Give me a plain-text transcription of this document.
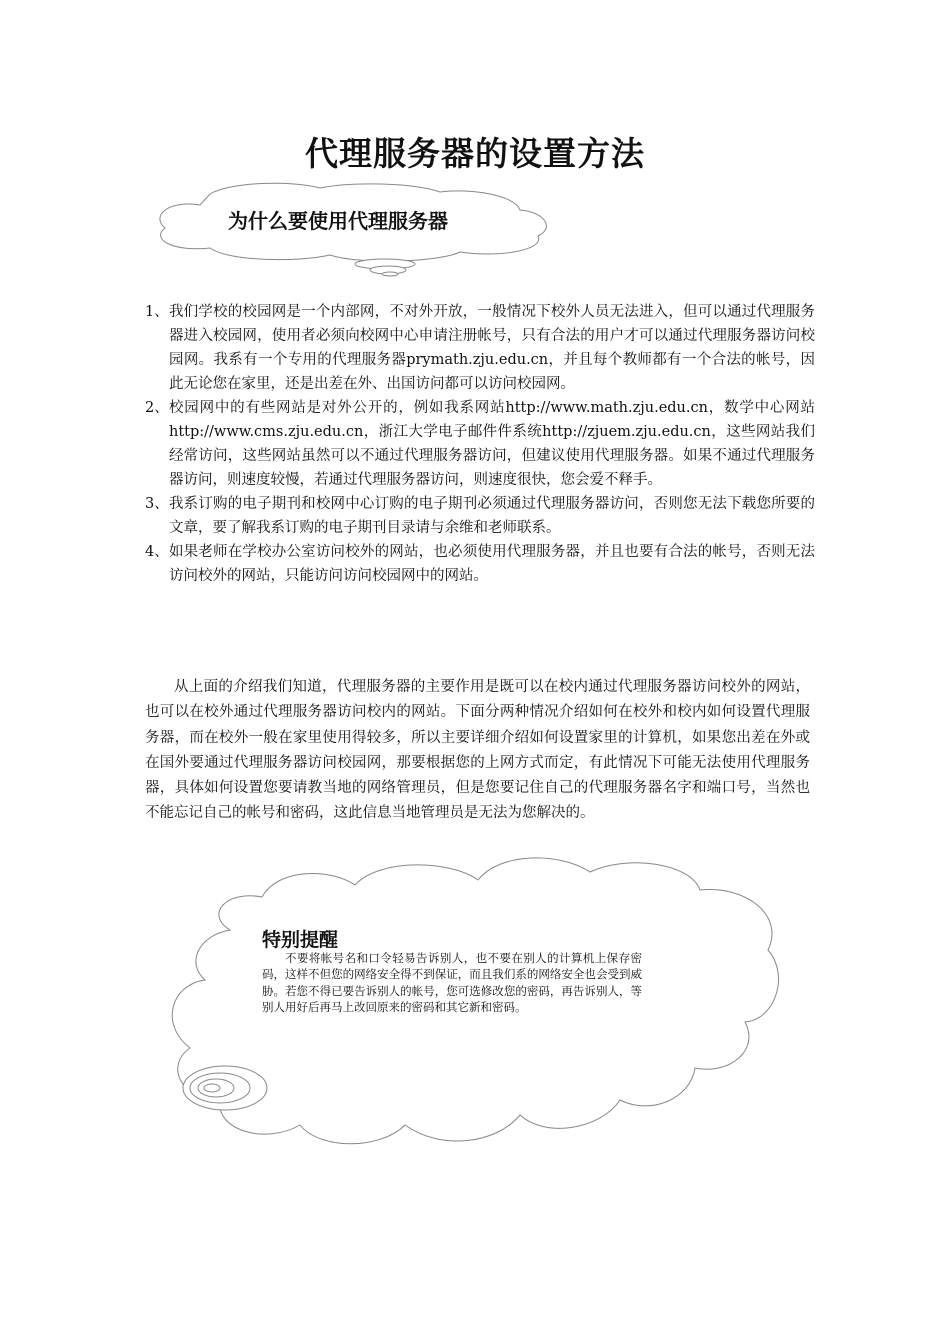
代理服务器的设置方法
为什么要使用代理服务器
1、 我们学校的校园网是一个内部网，不对外开放，一般情况下校外人员无法进入，但可以通过代理服务器进入校园网，使用者必须向校网中心申请注册帐号，只有合法的用户才可以通过代理服务器访问校园网。我系有一个专用的代理服务器prymath.zju.edu.cn，并且每个教师都有一个合法的帐号，因此无论您在家里，还是出差在外、出国访问都可以访问校园网。
2、 校园网中的有些网站是对外公开的，例如我系网站http://www.math.zju.edu.cn，数学中心网站http://www.cms.zju.edu.cn，浙江大学电子邮件件系统http://zjuem.zju.edu.cn，这些网站我们经常访问，这些网站虽然可以不通过代理服务器访问，但建议使用代理服务器。如果不通过代理服务器访问，则速度较慢，若通过代理服务器访问，则速度很快，您会爱不释手。
3、 我系订购的电子期刊和校网中心订购的电子期刊必须通过代理服务器访问，否则您无法下载您所要的文章，要了解我系订购的电子期刊目录请与余维和老师联系。
4、 如果老师在学校办公室访问校外的网站，也必须使用代理服务器，并且也要有合法的帐号，否则无法访问校外的网站，只能访问访问校园网中的网站。

从上面的介绍我们知道，代理服务器的主要作用是既可以在校内通过代理服务器访问校外的网站，也可以在校外通过代理服务器访问校内的网站。下面分两种情况介绍如何在校外和校内如何设置代理服务器，而在校外一般在家里使用得较多，所以主要详细介绍如何设置家里的计算机，如果您出差在外或在国外要通过代理服务器访问校园网，那要根据您的上网方式而定，有此情况下可能无法使用代理服务器，具体如何设置您要请教当地的网络管理员，但是您要记住自己的代理服务器名字和端口号，当然也不能忘记自己的帐号和密码，这此信息当地管理员是无法为您解决的。

特别提醒

不要将帐号名和口令轻易告诉别人，也不要在别人的计算机上保存密码，这样不但您的网络安全得不到保证，而且我们系的网络安全也会受到威胁。若您不得已要告诉别人的帐号，您可选修改您的密码，再告诉别人，等别人用好后再马上改回原来的密码和其它新和密码。
